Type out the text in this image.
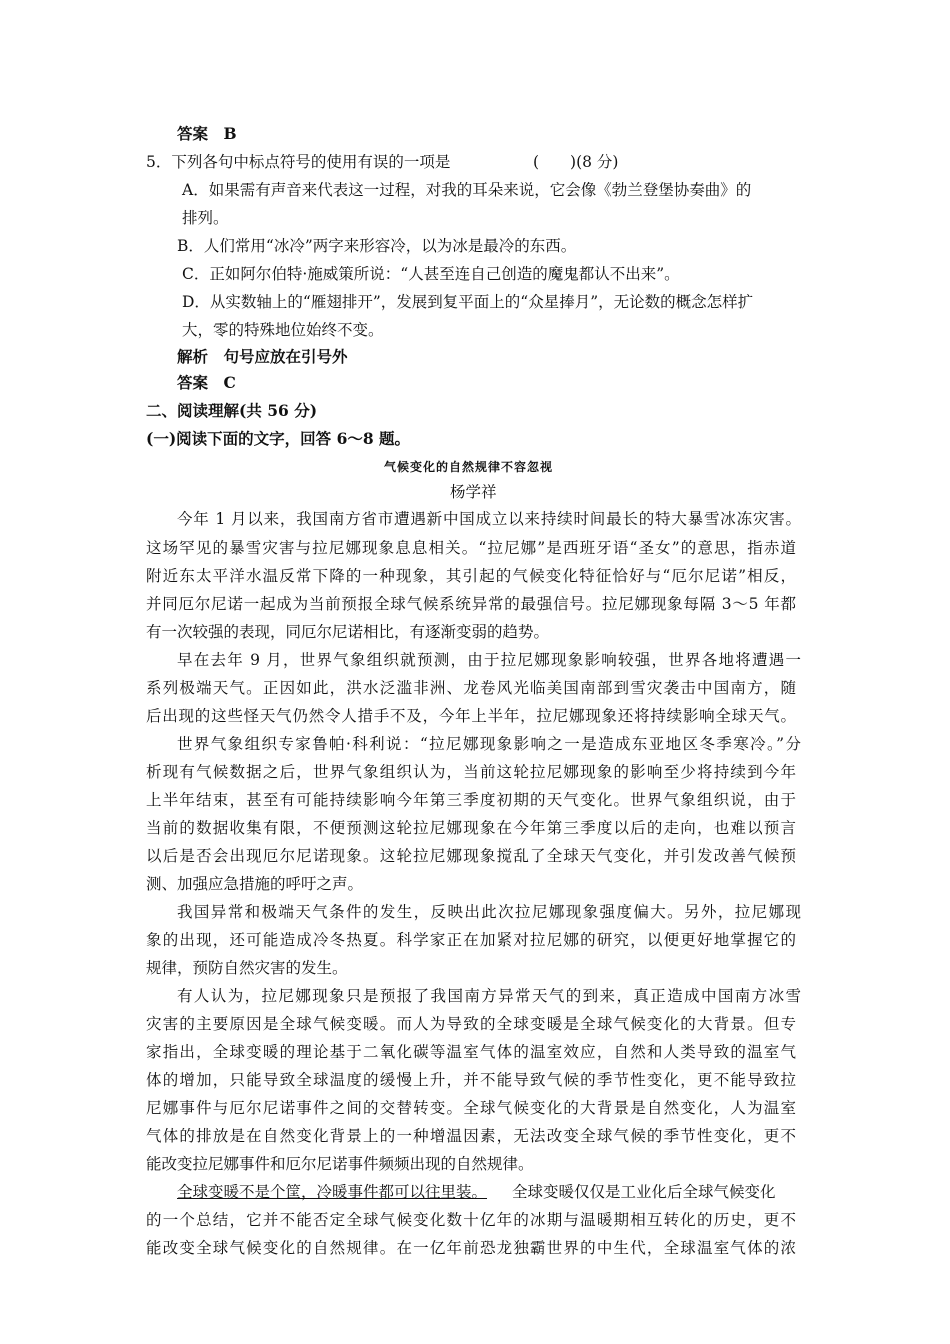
答案　B
5．下列各句中标点符号的使用有误的一项是	(　　)(8 分)
A．如果需有声音来代表这一过程，对我的耳朵来说，它会像《勃兰登堡协奏曲》的
排列。
B．人们常用“冰冷”两字来形容冷，以为冰是最冷的东西。
C．正如阿尔伯特·施威策所说：“人甚至连自己创造的魔鬼都认不出来”。
D．从实数轴上的“雁翅排开”，发展到复平面上的“众星捧月”，无论数的概念怎样扩
大，零的特殊地位始终不变。
解析　句号应放在引号外
答案　C
二、阅读理解(共 56 分)
(一)阅读下面的文字，回答 6～8 题。
气候变化的自然规律不容忽视
杨学祥
今年 1 月以来，我国南方省市遭遇新中国成立以来持续时间最长的特大暴雪冰冻灾害。
这场罕见的暴雪灾害与拉尼娜现象息息相关。“拉尼娜”是西班牙语“圣女”的意思，指赤道
附近东太平洋水温反常下降的一种现象，其引起的气候变化特征恰好与“厄尔尼诺”相反，
并同厄尔尼诺一起成为当前预报全球气候系统异常的最强信号。拉尼娜现象每隔 3～5 年都
有一次较强的表现，同厄尔尼诺相比，有逐渐变弱的趋势。
早在去年 9 月，世界气象组织就预测，由于拉尼娜现象影响较强，世界各地将遭遇一
系列极端天气。正因如此，洪水泛滥非洲、龙卷风光临美国南部到雪灾袭击中国南方，随
后出现的这些怪天气仍然令人措手不及，今年上半年，拉尼娜现象还将持续影响全球天气。
世界气象组织专家鲁帕·科利说：“拉尼娜现象影响之一是造成东亚地区冬季寒冷。”分
析现有气候数据之后，世界气象组织认为，当前这轮拉尼娜现象的影响至少将持续到今年
上半年结束，甚至有可能持续影响今年第三季度初期的天气变化。世界气象组织说，由于
当前的数据收集有限，不便预测这轮拉尼娜现象在今年第三季度以后的走向，也难以预言
以后是否会出现厄尔尼诺现象。这轮拉尼娜现象搅乱了全球天气变化，并引发改善气候预
测、加强应急措施的呼吁之声。
我国异常和极端天气条件的发生，反映出此次拉尼娜现象强度偏大。另外，拉尼娜现
象的出现，还可能造成冷冬热夏。科学家正在加紧对拉尼娜的研究，以便更好地掌握它的
规律，预防自然灾害的发生。
有人认为，拉尼娜现象只是预报了我国南方异常天气的到来，真正造成中国南方冰雪
灾害的主要原因是全球气候变暖。而人为导致的全球变暖是全球气候变化的大背景。但专
家指出，全球变暖的理论基于二氧化碳等温室气体的温室效应，自然和人类导致的温室气
体的增加，只能导致全球温度的缓慢上升，并不能导致气候的季节性变化，更不能导致拉
尼娜事件与厄尔尼诺事件之间的交替转变。全球气候变化的大背景是自然变化，人为温室
气体的排放是在自然变化背景上的一种增温因素，无法改变全球气候的季节性变化，更不
能改变拉尼娜事件和厄尔尼诺事件频频出现的自然规律。
全球变暖不是个筐，冷暖事件都可以往里装。 全球变暖仅仅是工业化后全球气候变化
的一个总结，它并不能否定全球气候变化数十亿年的冰期与温暖期相互转化的历史，更不
能改变全球气候变化的自然规律。在一亿年前恐龙独霸世界的中生代，全球温室气体的浓
